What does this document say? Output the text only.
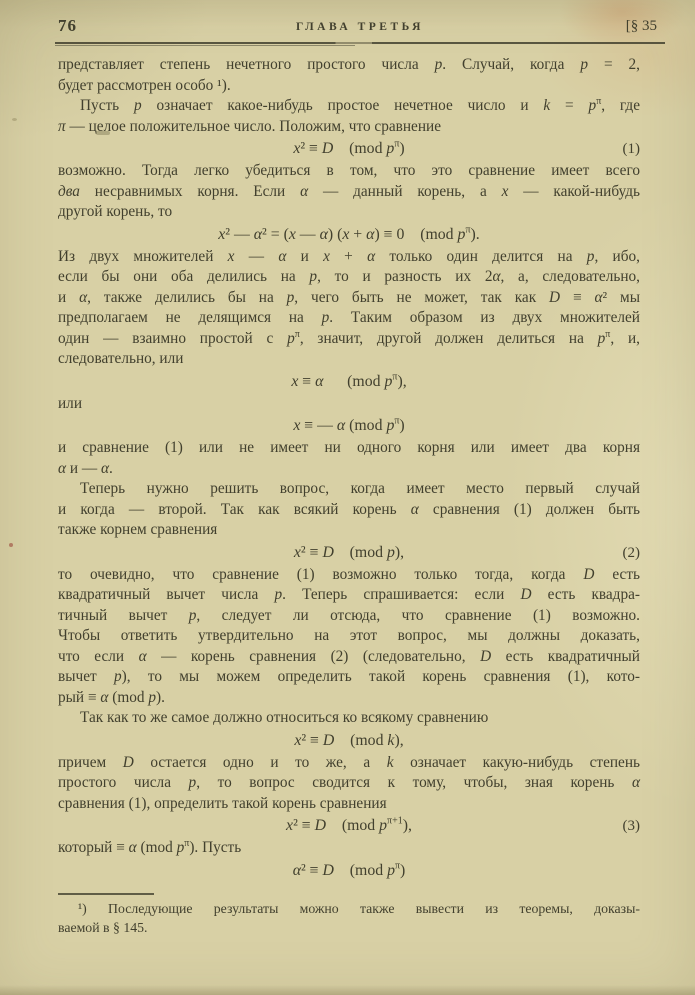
76	ГЛАВА ТРЕТЬЯ	[§ 35
представляет степень нечетного простого числа p. Случай, когда p = 2,
будет рассмотрен особо ¹).
Пусть p означает какое-нибудь простое нечетное число и $k = p^\pi$, где
π — целое положительное число. Положим, что сравнение
x² ≡ D  (mod $p^\pi$)	(1)
возможно. Тогда легко убедиться в том, что это сравнение имеет всего
два несравнимых корня. Если α — данный корень, а x — какой-нибудь
другой корень, то
x² — α² = (x — α) (x + α) ≡ 0  (mod $p^\pi$).
Из двух множителей x — α и x + α только один делится на p, ибо,
если бы они оба делились на p, то и разность их 2α, а, следовательно,
и α, также делились бы на p, чего быть не может, так как D ≡ α² мы
предполагаем не делящимся на p. Таким образом из двух множителей
один — взаимно простой с $p^\pi$, значит, другой должен делиться на $p^\pi$, и,
следовательно, или
x ≡ α   (mod $p^\pi$),
или
x ≡ — α (mod $p^\pi$)
и сравнение (1) или не имеет ни одного корня или имеет два корня
α и — α.
Теперь нужно решить вопрос, когда имеет место первый случай
и когда — второй. Так как всякий корень α сравнения (1) должен быть
также корнем сравнения
x² ≡ D  (mod p),	(2)
то очевидно, что сравнение (1) возможно только тогда, когда D есть
квадратичный вычет числа p. Теперь спрашивается: если D есть квадра-
тичный вычет p, следует ли отсюда, что сравнение (1) возможно.
Чтобы ответить утвердительно на этот вопрос, мы должны доказать,
что если α — корень сравнения (2) (следовательно, D есть квадратичный
вычет p), то мы можем определить такой корень сравнения (1), кото-
рый ≡ α (mod p).
Так как то же самое должно относиться ко всякому сравнению
x² ≡ D  (mod k),
причем D остается одно и то же, а k означает какую-нибудь степень
простого числа p, то вопрос сводится к тому, чтобы, зная корень α
сравнения (1), определить такой корень сравнения
x² ≡ D  (mod $p^{\pi+1}$),	(3)
который ≡ α (mod $p^\pi$). Пусть
α² ≡ D  (mod $p^\pi$)
¹) Последующие результаты можно также вывести из теоремы, доказы-
ваемой в § 145.
